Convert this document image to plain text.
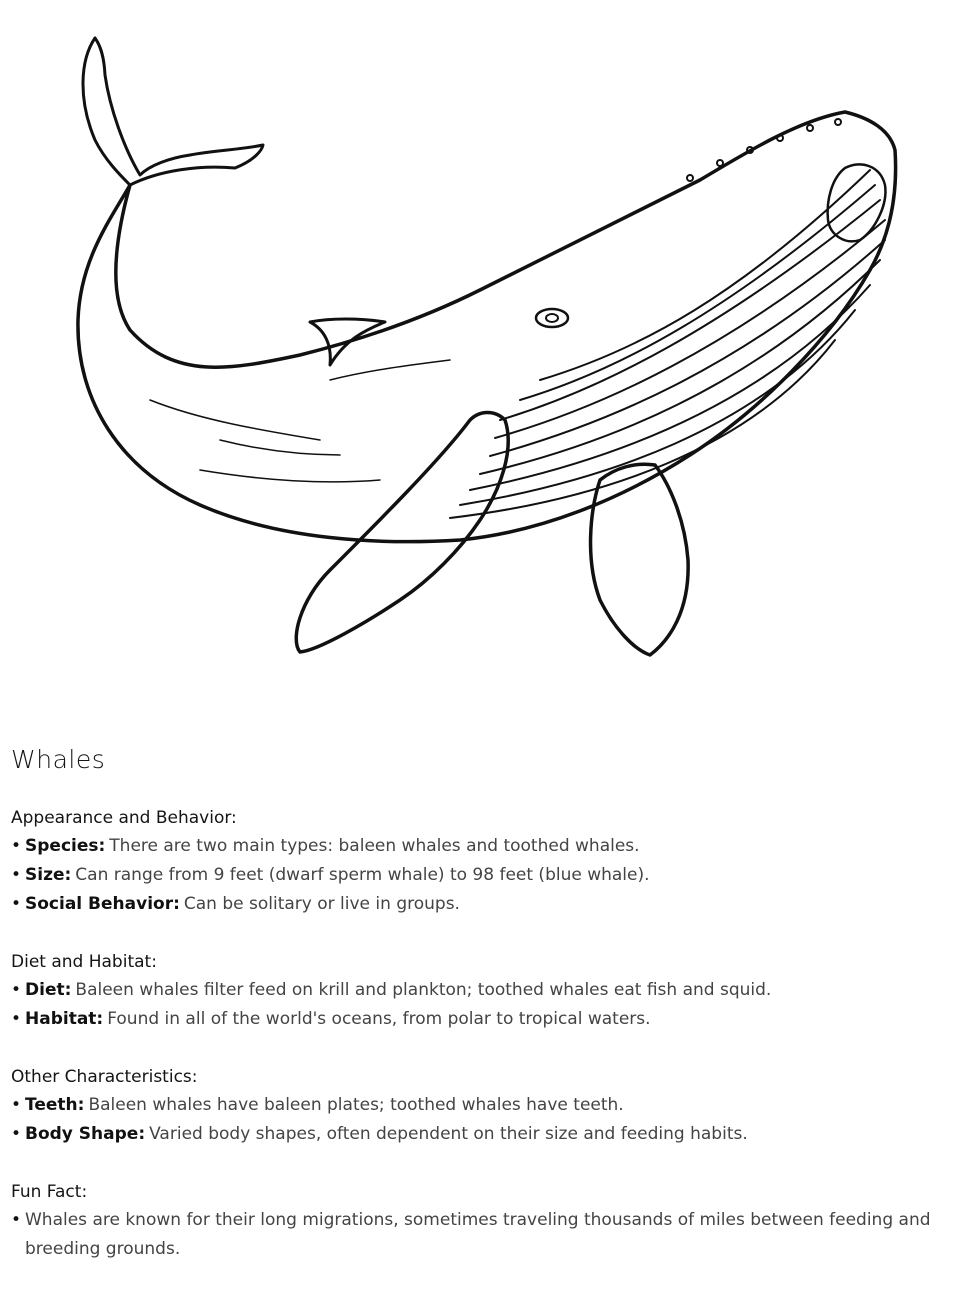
Whales
Appearance and Behavior:
• Species: There are two main types: baleen whales and toothed whales.
• Size: Can range from 9 feet (dwarf sperm whale) to 98 feet (blue whale).
• Social Behavior: Can be solitary or live in groups.
Diet and Habitat:
• Diet: Baleen whales filter feed on krill and plankton; toothed whales eat fish and squid.
• Habitat: Found in all of the world's oceans, from polar to tropical waters.
Other Characteristics:
• Teeth: Baleen whales have baleen plates; toothed whales have teeth.
• Body Shape: Varied body shapes, often dependent on their size and feeding habits.
Fun Fact:
• Whales are known for their long migrations, sometimes traveling thousands of miles between feeding and breeding grounds.
